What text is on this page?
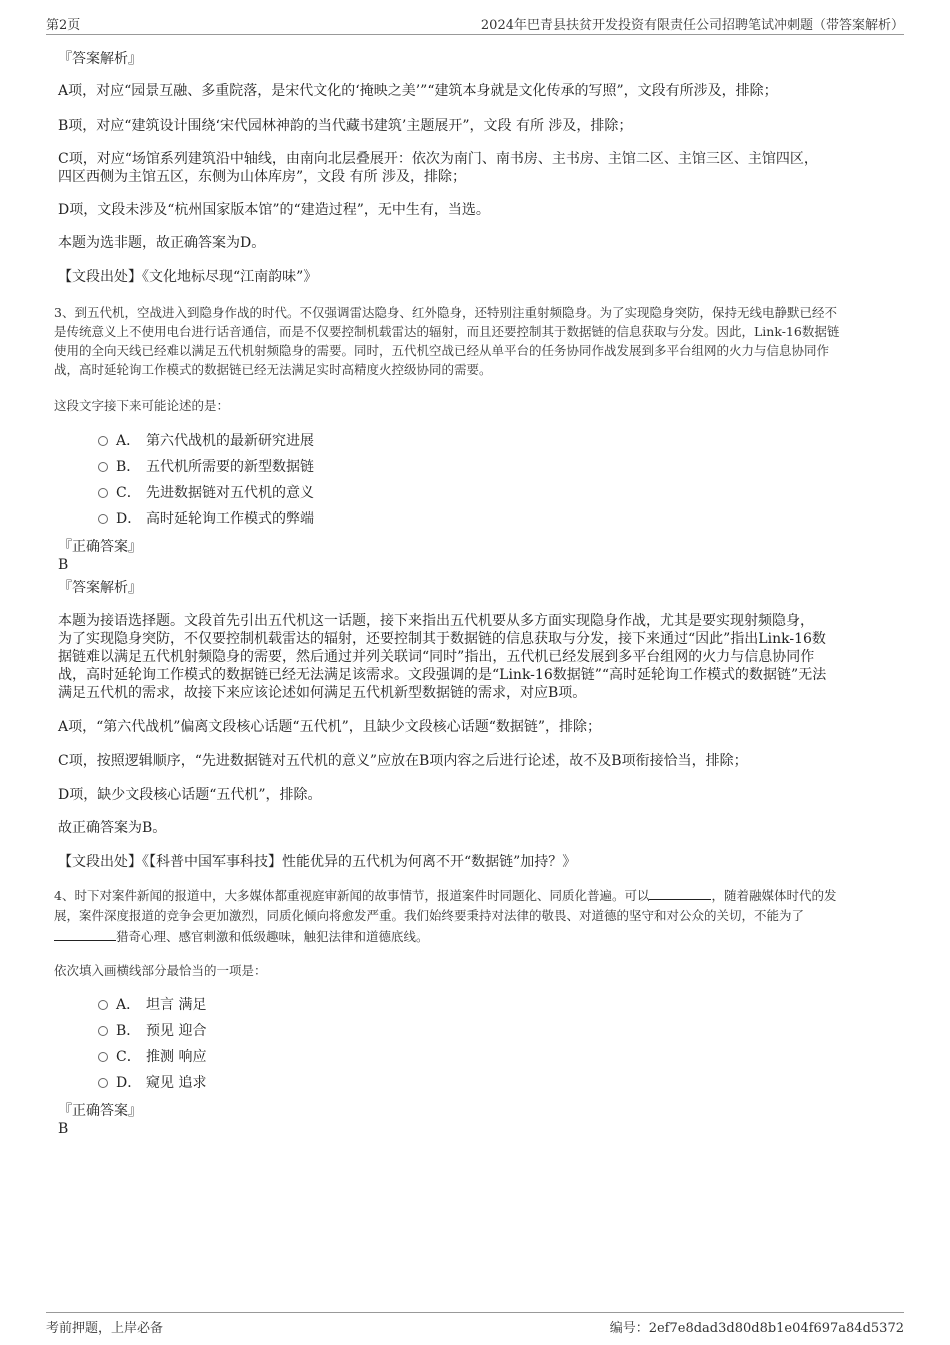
第2页	2024年巴青县扶贫开发投资有限责任公司招聘笔试冲刺题（带答案解析）
『答案解析』
A项，对应“园景互融、多重院落，是宋代文化的‘掩映之美’”“建筑本身就是文化传承的写照”，文段有所涉及，排除；
B项，对应“建筑设计围绕‘宋代园林神韵的当代藏书建筑’主题展开”，文段 有所 涉及，排除；
C项，对应“场馆系列建筑沿中轴线，由南向北层叠展开：依次为南门、南书房、主书房、主馆二区、主馆三区、主馆四区，
四区西侧为主馆五区，东侧为山体库房”，文段 有所 涉及，排除；
D项，文段未涉及“杭州国家版本馆”的“建造过程”，无中生有，当选。
本题为选非题，故正确答案为D。
【文段出处】《文化地标尽现“江南韵味”》
3、到五代机，空战进入到隐身作战的时代。不仅强调雷达隐身、红外隐身，还特别注重射频隐身。为了实现隐身突防，保持无线电静默已经不
是传统意义上不使用电台进行话音通信，而是不仅要控制机载雷达的辐射，而且还要控制其于数据链的信息获取与分发。因此，Link-16数据链
使用的全向天线已经难以满足五代机射频隐身的需要。同时，五代机空战已经从单平台的任务协同作战发展到多平台组网的火力与信息协同作
战，高时延轮询工作模式的数据链已经无法满足实时高精度火控级协同的需要。
这段文字接下来可能论述的是：
A． 第六代战机的最新研究进展
B． 五代机所需要的新型数据链
C． 先进数据链对五代机的意义
D． 高时延轮询工作模式的弊端
『正确答案』
B
『答案解析』
本题为接语选择题。文段首先引出五代机这一话题，接下来指出五代机要从多方面实现隐身作战，尤其是要实现射频隐身，
为了实现隐身突防，不仅要控制机载雷达的辐射，还要控制其于数据链的信息获取与分发，接下来通过“因此”指出Link-16数
据链难以满足五代机射频隐身的需要，然后通过并列关联词“同时”指出，五代机已经发展到多平台组网的火力与信息协同作
战，高时延轮询工作模式的数据链已经无法满足该需求。文段强调的是“Link-16数据链”“高时延轮询工作模式的数据链”无法
满足五代机的需求，故接下来应该论述如何满足五代机新型数据链的需求，对应B项。
A项，“第六代战机”偏离文段核心话题“五代机”，且缺少文段核心话题“数据链”，排除；
C项，按照逻辑顺序，“先进数据链对五代机的意义”应放在B项内容之后进行论述，故不及B项衔接恰当，排除；
D项，缺少文段核心话题“五代机”，排除。
故正确答案为B。
【文段出处】《【科普中国军事科技】性能优异的五代机为何离不开“数据链”加持？》
4、时下对案件新闻的报道中，大多媒体都重视庭审新闻的故事情节，报道案件时同题化、同质化普遍。可以	，随着融媒体时代的发
展，案件深度报道的竞争会更加激烈，同质化倾向将愈发严重。我们始终要秉持对法律的敬畏、对道德的坚守和对公众的关切，不能为了
猎奇心理、感官刺激和低级趣味，触犯法律和道德底线。
依次填入画横线部分最恰当的一项是：
A． 坦言 满足
B． 预见 迎合
C． 推测 响应
D． 窥见 追求
『正确答案』
B
考前押题，上岸必备	编号：2ef7e8dad3d80d8b1e04f697a84d5372
